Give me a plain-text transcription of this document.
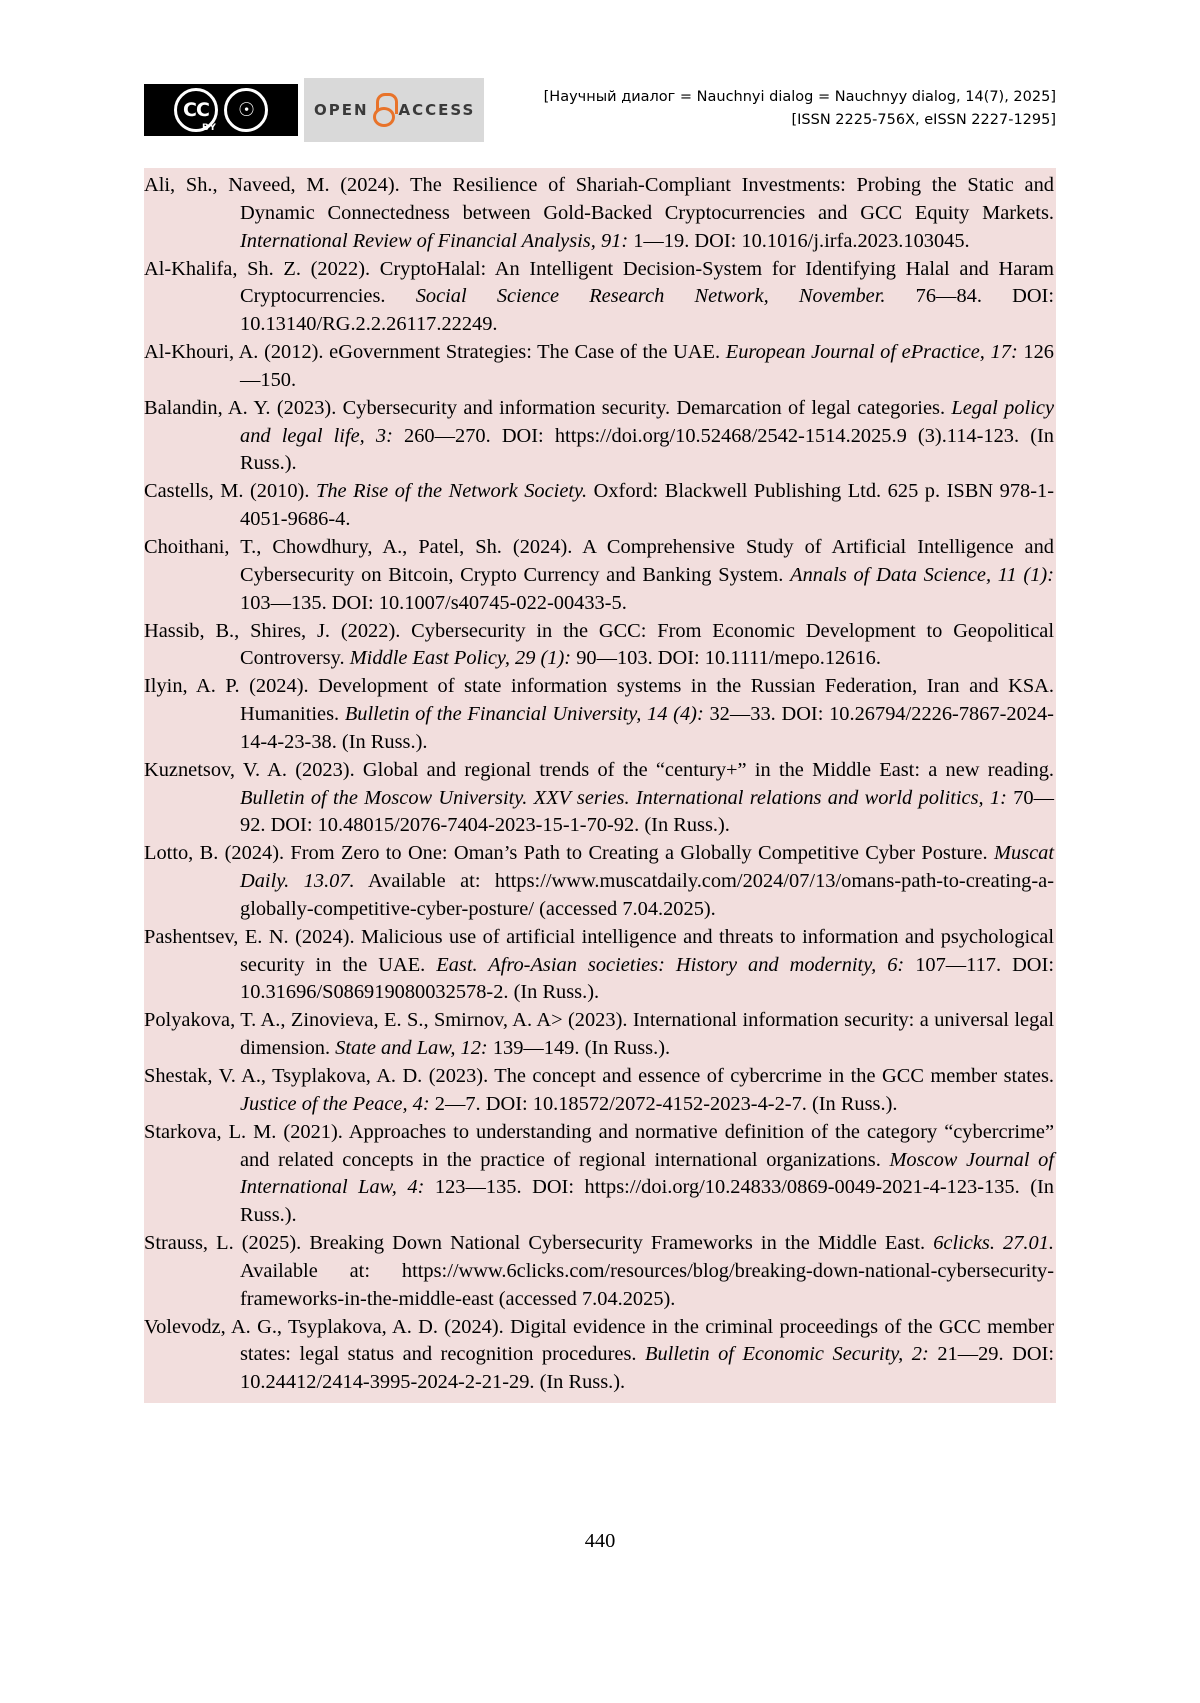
CC	☉
BY
OPEN ACCESS
[Научный диалог = Nauchnyi dialog = Nauchnyy dialog, 14(7), 2025]
[ISSN 2225-756X, eISSN 2227-1295]

Ali, Sh., Naveed, M. (2024). The Resilience of Shariah-Compliant Investments: Probing the Static and Dynamic Connectedness between Gold-Backed Cryptocurrencies and GCC Equity Markets. International Review of Financial Analysis, 91: 1—19. DOI: 10.1016/j.irfa.2023.103045.

Al-Khalifa, Sh. Z. (2022). CryptoHalal: An Intelligent Decision-System for Identifying Halal and Haram Cryptocurrencies. Social Science Research Network, November. 76—84. DOI: 10.13140/RG.2.2.26117.22249.

Al-Khouri, A. (2012). eGovernment Strategies: The Case of the UAE. European Journal of ePractice, 17: 126—150.

Balandin, A. Y. (2023). Cybersecurity and information security. Demarcation of legal categories. Legal policy and legal life, 3: 260—270. DOI: https://doi.org/10.52468/2542-1514.2025.9 (3).114-123. (In Russ.).

Castells, M. (2010). The Rise of the Network Society. Oxford: Blackwell Publishing Ltd. 625 p. ISBN 978-1-4051-9686-4.

Choithani, T., Chowdhury, A., Patel, Sh. (2024). A Comprehensive Study of Artificial Intelligence and Cybersecurity on Bitcoin, Crypto Currency and Banking System. Annals of Data Science, 11 (1): 103—135. DOI: 10.1007/s40745-022-00433-5.

Hassib, B., Shires, J. (2022). Cybersecurity in the GCC: From Economic Development to Geopolitical Controversy. Middle East Policy, 29 (1): 90—103. DOI: 10.1111/mepo.12616.

Ilyin, A. P. (2024). Development of state information systems in the Russian Federation, Iran and KSA. Humanities. Bulletin of the Financial University, 14 (4): 32—33. DOI: 10.26794/2226-7867-2024-14-4-23-38. (In Russ.).

Kuznetsov, V. A. (2023). Global and regional trends of the “century+” in the Middle East: a new reading. Bulletin of the Moscow University. XXV series. International relations and world politics, 1: 70—92. DOI: 10.48015/2076-7404-2023-15-1-70-92. (In Russ.).

Lotto, B. (2024). From Zero to One: Oman’s Path to Creating a Globally Competitive Cyber Posture. Muscat Daily. 13.07. Available at: https://www.muscatdaily.com/2024/07/13/omans-path-to-creating-a-globally-competitive-cyber-posture/ (accessed 7.04.2025).

Pashentsev, E. N. (2024). Malicious use of artificial intelligence and threats to information and psychological security in the UAE. East. Afro-Asian societies: History and modernity, 6: 107—117. DOI: 10.31696/S086919080032578-2. (In Russ.).

Polyakova, T. A., Zinovieva, E. S., Smirnov, A. A> (2023). International information security: a universal legal dimension. State and Law, 12: 139—149. (In Russ.).

Shestak, V. A., Tsyplakova, A. D. (2023). The concept and essence of cybercrime in the GCC member states. Justice of the Peace, 4: 2—7. DOI: 10.18572/2072-4152-2023-4-2-7. (In Russ.).

Starkova, L. M. (2021). Approaches to understanding and normative definition of the category “cybercrime” and related concepts in the practice of regional international organizations. Moscow Journal of International Law, 4: 123—135. DOI: https://doi.org/10.24833/0869-0049-2021-4-123-135. (In Russ.).

Strauss, L. (2025). Breaking Down National Cybersecurity Frameworks in the Middle East. 6clicks. 27.01. Available at: https://www.6clicks.com/resources/blog/breaking-down-national-cybersecurity-frameworks-in-the-middle-east (accessed 7.04.2025).

Volevodz, A. G., Tsyplakova, A. D. (2024). Digital evidence in the criminal proceedings of the GCC member states: legal status and recognition procedures. Bulletin of Economic Security, 2: 21—29. DOI: 10.24412/2414-3995-2024-2-21-29. (In Russ.).

440
